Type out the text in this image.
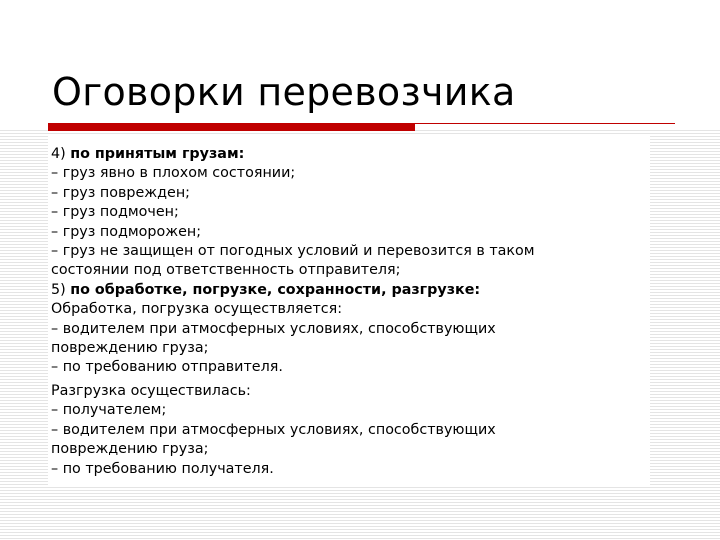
Оговорки перевозчика
4) по принятым грузам:
– груз явно в плохом состоянии;
– груз поврежден;
– груз подмочен;
– груз подморожен;
– груз не защищен от погодных условий и перевозится в таком
состоянии под ответственность отправителя;
5) по обработке, погрузке, сохранности, разгрузке:
Обработка, погрузка осуществляется:
– водителем при атмосферных условиях, способствующих
повреждению груза;
– по требованию отправителя.
Разгрузка осуществилась:
– получателем;
– водителем при атмосферных условиях, способствующих
повреждению груза;
– по требованию получателя.
